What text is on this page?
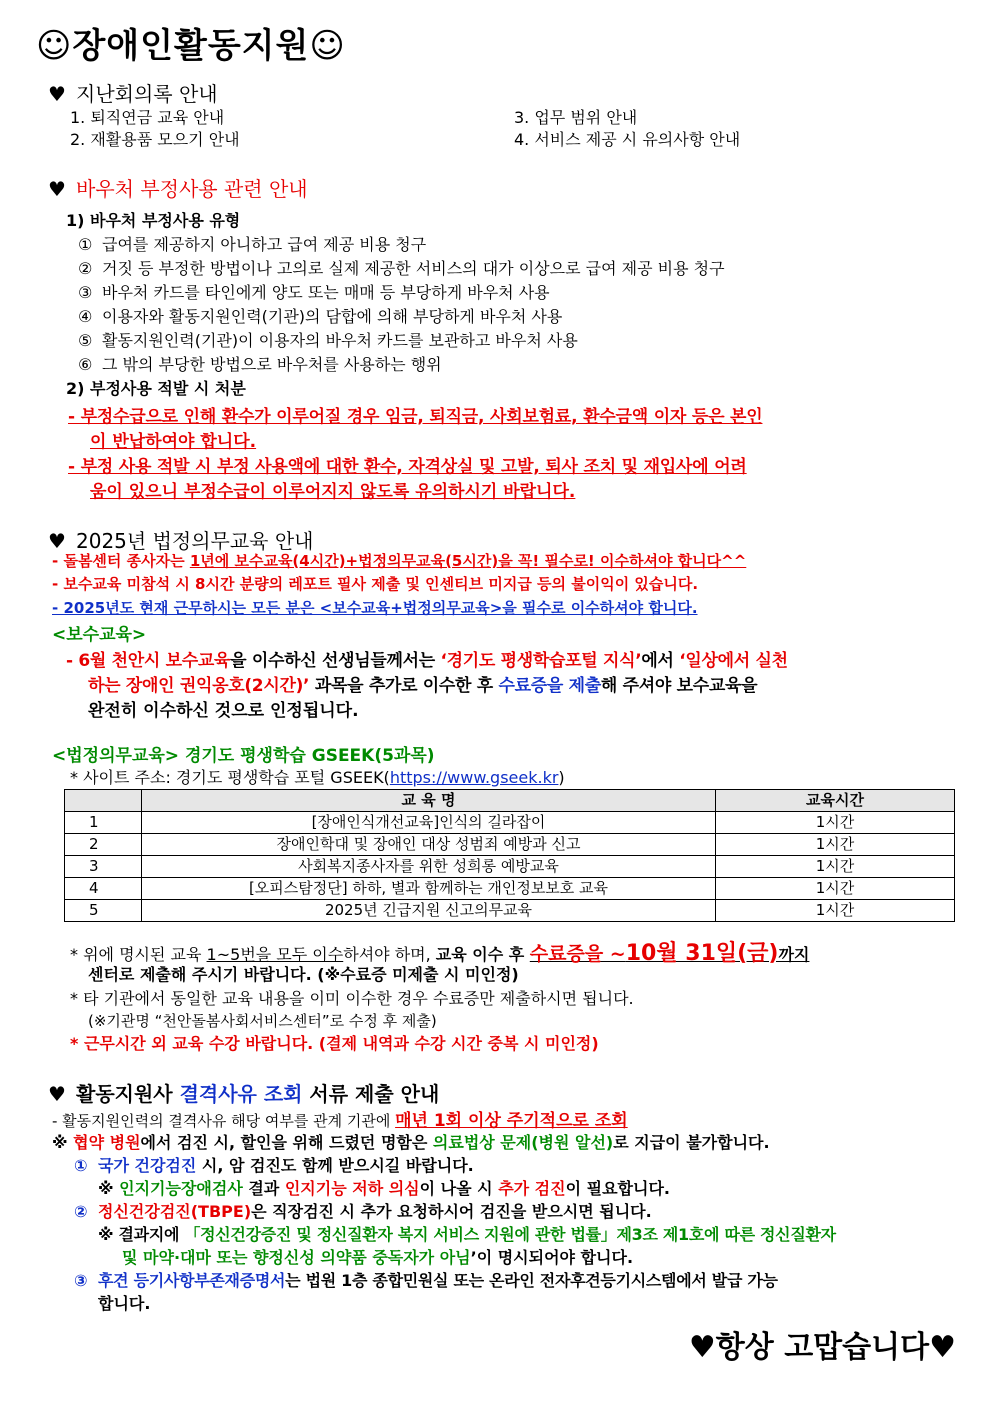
☺장애인활동지원☺
♥ 지난회의록 안내
1. 퇴직연금 교육 안내
2. 재활용품 모으기 안내
3. 업무 범위 안내
4. 서비스 제공 시 유의사항 안내
♥ 바우처 부정사용 관련 안내
1) 바우처 부정사용 유형
① 급여를 제공하지 아니하고 급여 제공 비용 청구
② 거짓 등 부정한 방법이나 고의로 실제 제공한 서비스의 대가 이상으로 급여 제공 비용 청구
③ 바우처 카드를 타인에게 양도 또는 매매 등 부당하게 바우처 사용
④ 이용자와 활동지원인력(기관)의 담합에 의해 부당하게 바우처 사용
⑤ 활동지원인력(기관)이 이용자의 바우처 카드를 보관하고 바우처 사용
⑥ 그 밖의 부당한 방법으로 바우처를 사용하는 행위
2) 부정사용 적발 시 처분
- 부정수급으로 인해 환수가 이루어질 경우 임금, 퇴직금, 사회보험료, 환수금액 이자 등은 본인
이 반납하여야 합니다.
- 부정 사용 적발 시 부정 사용액에 대한 환수, 자격상실 및 고발, 퇴사 조치 및 재입사에 어려
움이 있으니 부정수급이 이루어지지 않도록 유의하시기 바랍니다.
♥ 2025년 법정의무교육 안내
- 돌봄센터 종사자는 1년에 보수교육(4시간)+법정의무교육(5시간)을 꼭! 필수로! 이수하셔야 합니다^^
- 보수교육 미참석 시 8시간 분량의 레포트 필사 제출 및 인센티브 미지급 등의 불이익이 있습니다.
- 2025년도 현재 근무하시는 모든 분은 <보수교육+법정의무교육>을 필수로 이수하셔야 합니다.
<보수교육>
- 6월 천안시 보수교육을 이수하신 선생님들께서는 ‘경기도 평생학습포털 지식’에서 ‘일상에서 실천
하는 장애인 권익옹호(2시간)’ 과목을 추가로 이수한 후 수료증을 제출해 주셔야 보수교육을
완전히 이수하신 것으로 인정됩니다.
<법정의무교육> 경기도 평생학습 GSEEK(5과목)
* 사이트 주소: 경기도 평생학습 포털 GSEEK(https://www.gseek.kr)
	교 육 명	교육시간
1	[장애인식개선교육]인식의 길라잡이	1시간
2	장애인학대 및 장애인 대상 성범죄 예방과 신고	1시간
3	사회복지종사자를 위한 성희롱 예방교육	1시간
4	[오피스탐정단] 하하, 별과 함께하는 개인정보보호 교육	1시간
5	2025년 긴급지원 신고의무교육	1시간
* 위에 명시된 교육 1~5번을 모두 이수하셔야 하며, 교육 이수 후 수료증을 ~10월 31일(금)까지
센터로 제출해 주시기 바랍니다. (※수료증 미제출 시 미인정)
* 타 기관에서 동일한 교육 내용을 이미 이수한 경우 수료증만 제출하시면 됩니다.
(※기관명 “천안돌봄사회서비스센터”로 수정 후 제출)
* 근무시간 외 교육 수강 바랍니다. (결제 내역과 수강 시간 중복 시 미인정)
♥ 활동지원사 결격사유 조회 서류 제출 안내
- 활동지원인력의 결격사유 해당 여부를 관계 기관에 매년 1회 이상 주기적으로 조회
※ 협약 병원에서 검진 시, 할인을 위해 드렸던 명함은 의료법상 문제(병원 알선)로 지급이 불가합니다.
① 국가 건강검진 시, 암 검진도 함께 받으시길 바랍니다.
※ 인지기능장애검사 결과 인지기능 저하 의심이 나올 시 추가 검진이 필요합니다.
② 정신건강검진(TBPE)은 직장검진 시 추가 요청하시어 검진을 받으시면 됩니다.
※ 결과지에 「정신건강증진 및 정신질환자 복지 서비스 지원에 관한 법률」제3조 제1호에 따른 정신질환자
및 마약·대마 또는 향정신성 의약품 중독자가 아님’이 명시되어야 합니다.
③ 후견 등기사항부존재증명서는 법원 1층 종합민원실 또는 온라인 전자후견등기시스템에서 발급 가능
합니다.
♥항상 고맙습니다♥
